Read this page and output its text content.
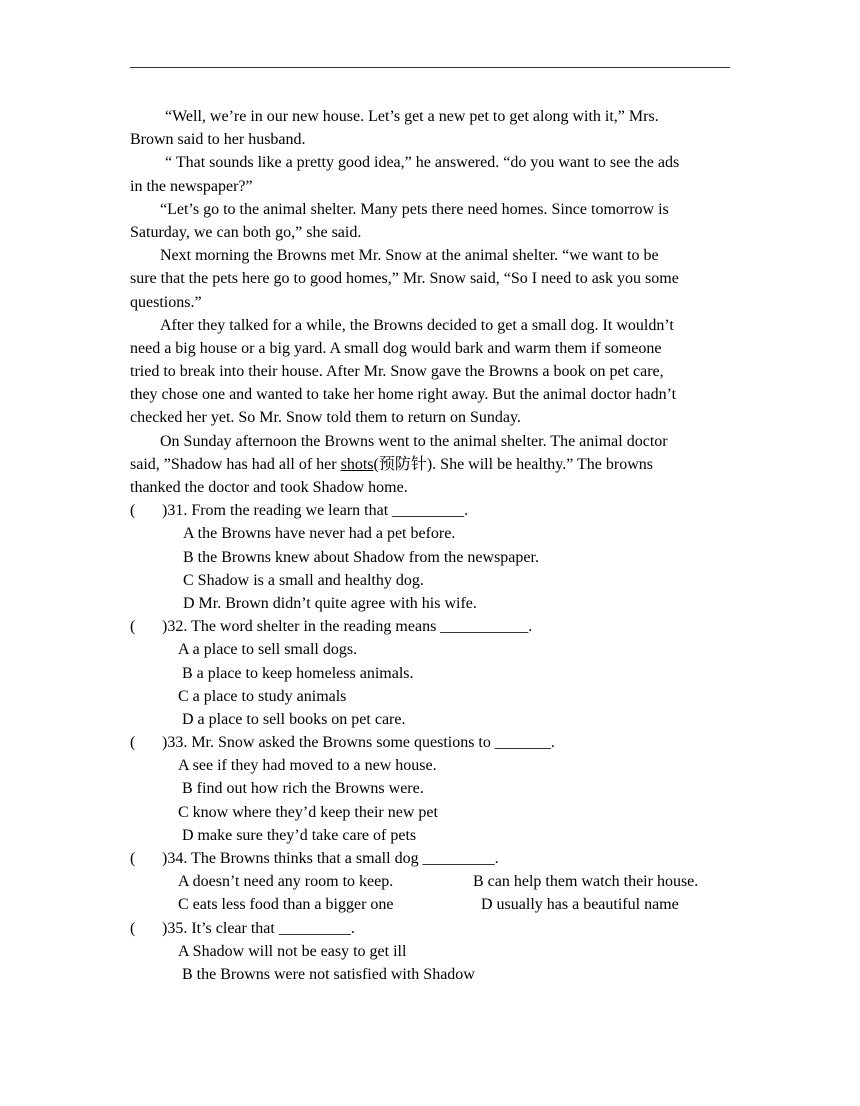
“Well, we’re in our new house. Let’s get a new pet to get along with it,” Mrs.
Brown said to her husband.
“ That sounds like a pretty good idea,” he answered. “do you want to see the ads
in the newspaper?”
“Let’s go to the animal shelter. Many pets there need homes. Since tomorrow is
Saturday, we can both go,” she said.
Next morning the Browns met Mr. Snow at the animal shelter. “we want to be
sure that the pets here go to good homes,” Mr. Snow said, “So I need to ask you some
questions.”
After they talked for a while, the Browns decided to get a small dog. It wouldn’t
need a big house or a big yard. A small dog would bark and warm them if someone
tried to break into their house. After Mr. Snow gave the Browns a book on pet care,
they chose one and wanted to take her home right away. But the animal doctor hadn’t
checked her yet. So Mr. Snow told them to return on Sunday.
On Sunday afternoon the Browns went to the animal shelter. The animal doctor
said, ”Shadow has had all of her shots(预防针). She will be healthy.” The browns
thanked the doctor and took Shadow home.
(	)31. From the reading we learn that _________.
A the Browns have never had a pet before.
B the Browns knew about Shadow from the newspaper.
C Shadow is a small and healthy dog.
D Mr. Brown didn’t quite agree with his wife.
(	)32. The word shelter in the reading means ___________.
A a place to sell small dogs.
B a place to keep homeless animals.
C a place to study animals
D a place to sell books on pet care.
(	)33. Mr. Snow asked the Browns some questions to _______.
A see if they had moved to a new house.
B find out how rich the Browns were.
C know where they’d keep their new pet
D make sure they’d take care of pets
(	)34. The Browns thinks that a small dog _________.
A doesn’t need any room to keep.	B can help them watch their house.
C eats less food than a bigger one	D usually has a beautiful name
(	)35. It’s clear that _________.
A Shadow will not be easy to get ill
B the Browns were not satisfied with Shadow
